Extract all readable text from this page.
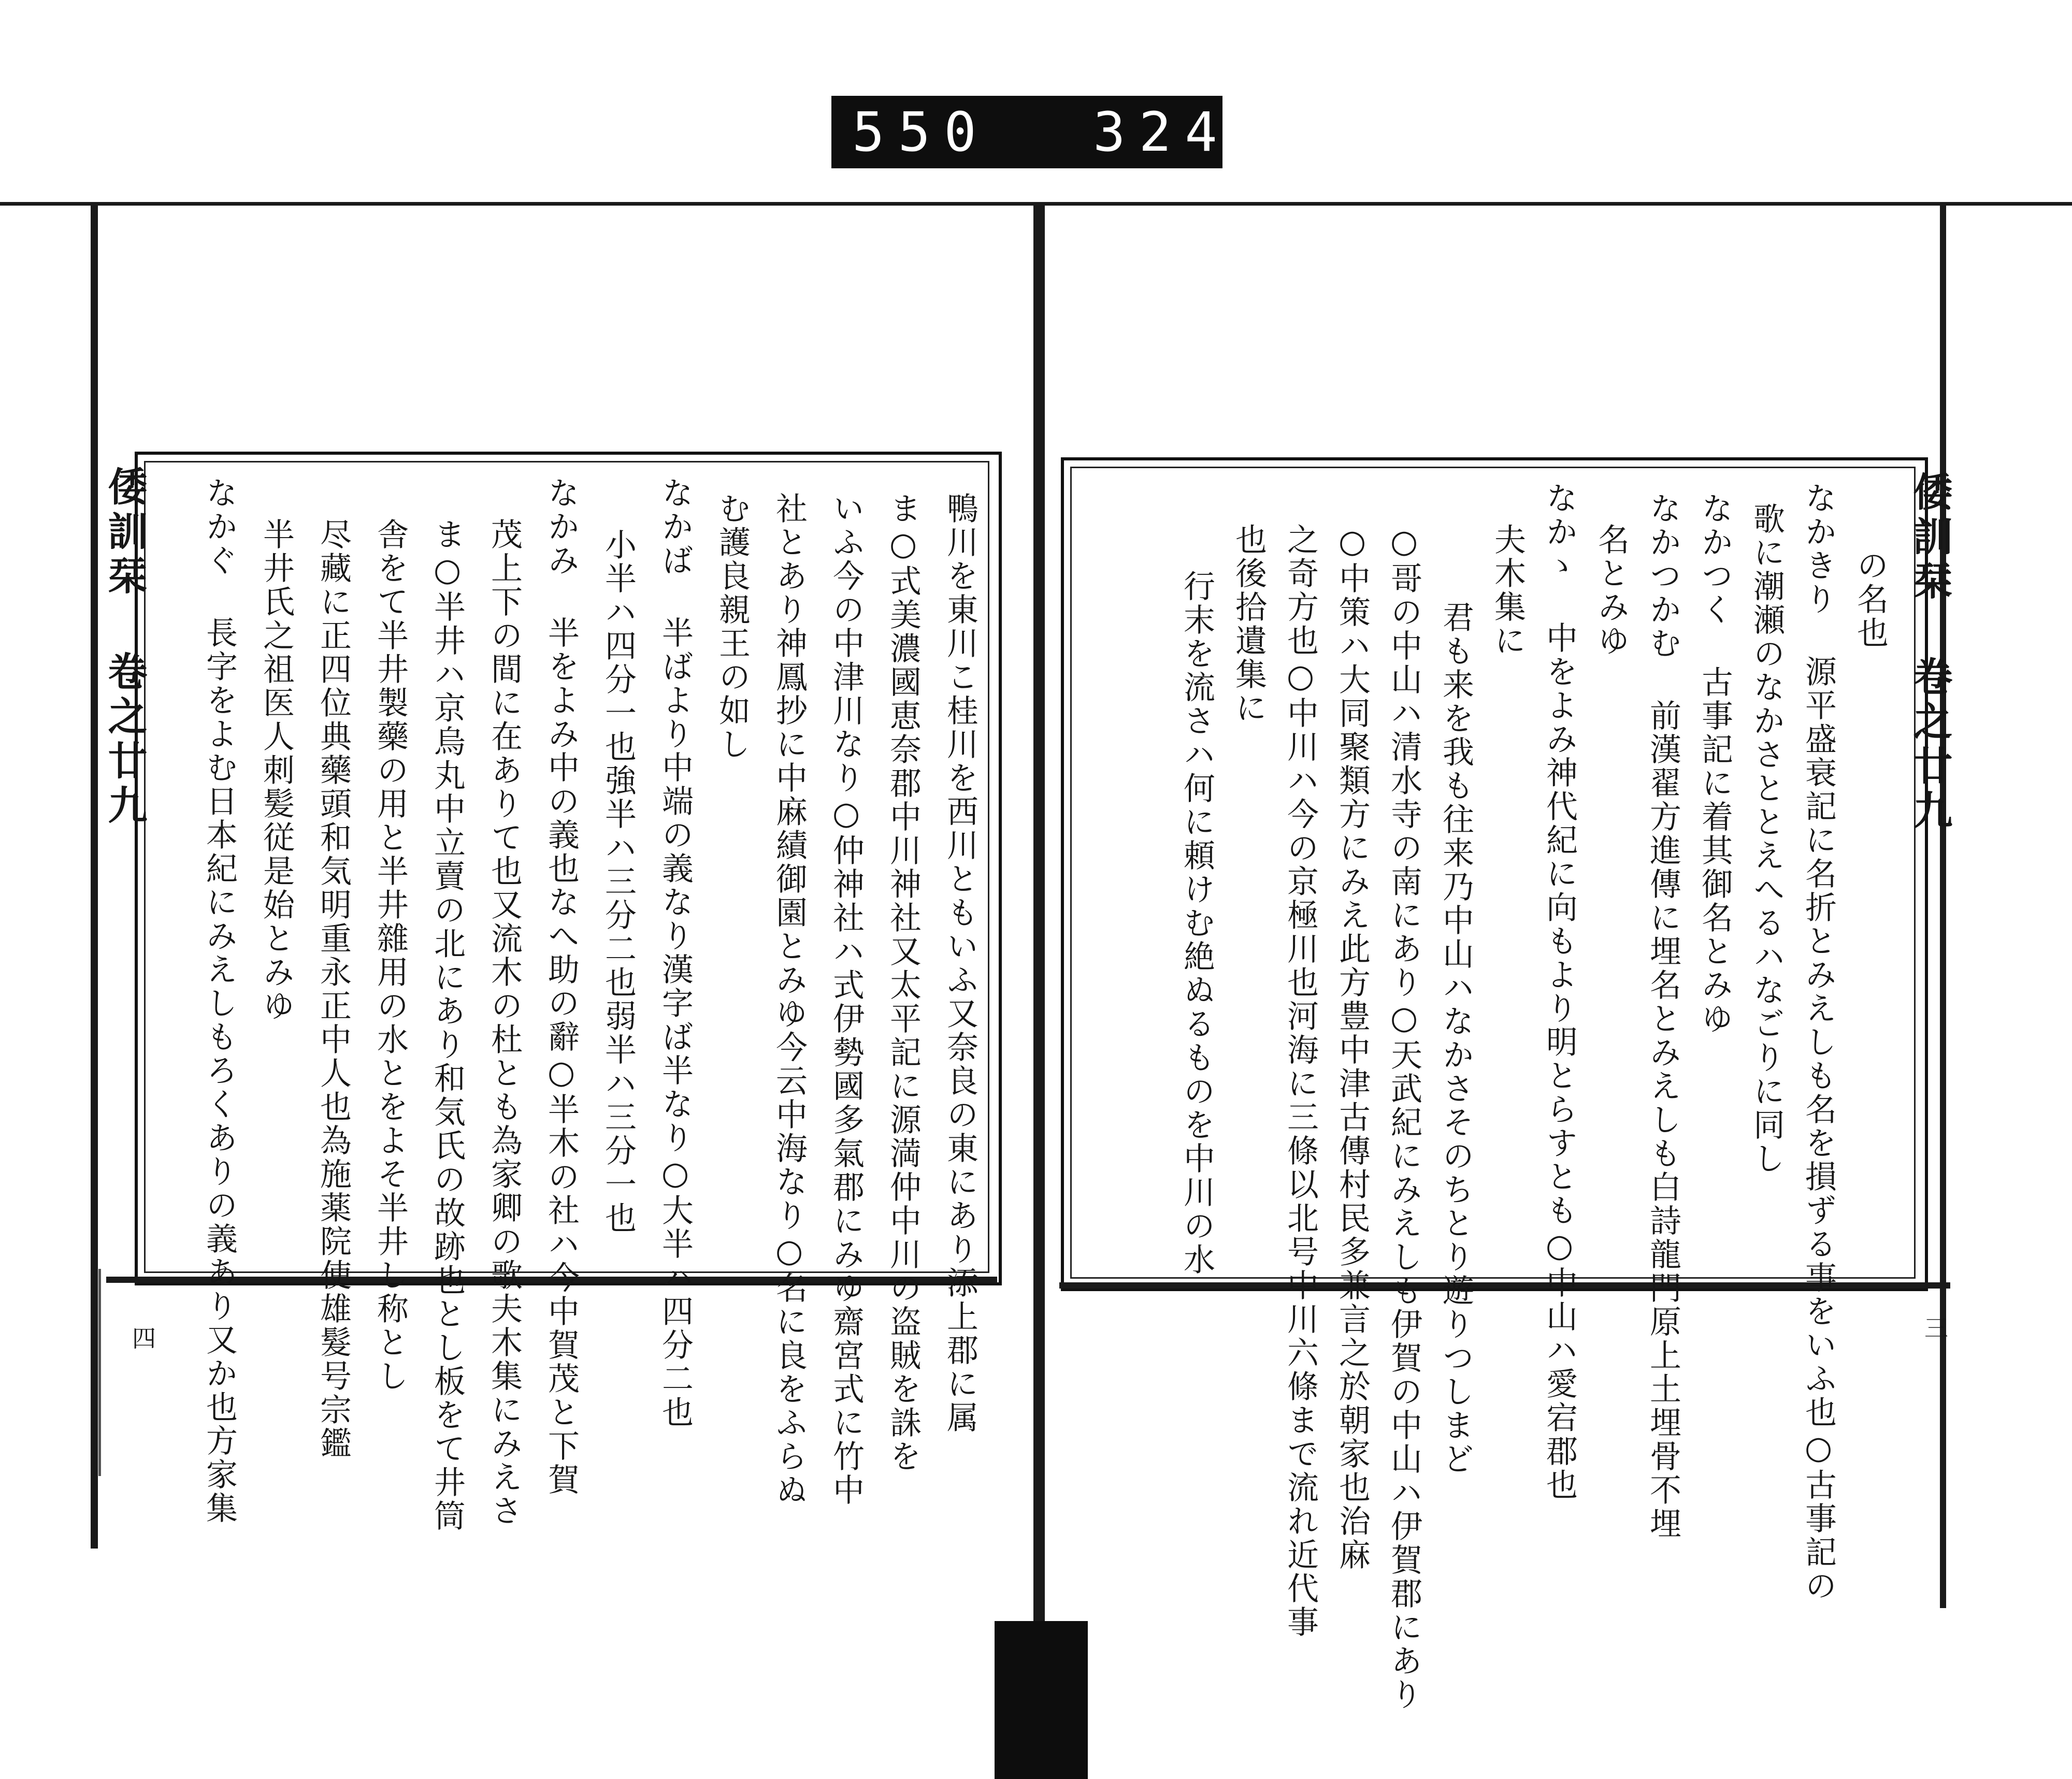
550 324.
倭訓栞 卷之廿九
四	鴨川を東川こ桂川を西川ともいふ又奈良の東にあり添上郡に属
ま○式美濃國恵奈郡中川神社又太平記に源満仲中川の盗賊を誅を
いふ今の中津川なり○仲神社ハ式伊勢國多氣郡にみゆ齋宮式に竹中
社とあり神鳳抄に中麻績御園とみゆ今云中海なり○名に良をふらぬ
む護良親王の如し
なかば 半ばより中端の義なり漢字ば半なり○大半ハ四分二也
小半ハ四分一也強半ハ三分二也弱半ハ三分一也
なかみ 半をよみ中の義也なへ助の辭○半木の社ハ今中賀茂と下賀
茂上下の間に在ありて也又流木の杜とも為家卿の歌夫木集にみえさ
ま○半井ハ京烏丸中立賣の北にあり和気氏の故跡也とし板をて井筒
舎をて半井製藥の用と半井雜用の水とをよそ半井し称とし
尽藏に正四位典藥頭和気明重永正中人也為施薬院使雄髮号宗鑑
半井氏之祖医人刺髪従是始とみゆ
なかぐ 長字をよむ日本紀にみえしもろくありの義あり又か也方家集	倭訓栞 卷之廿九
三
の名也
なかきり 源平盛衰記に名折とみえしも名を損ずる事をいふ也○古事記の
歌に潮瀬のなかさととえへるハなごりに同し
なかつく 古事記に着其御名とみゆ
なかつかむ 前漢翟方進傳に埋名とみえしも白詩龍門原上土埋骨不埋
名とみゆ
なかゝ 中をよみ神代紀に向もより明とらすとも○中山ハ愛宕郡也
夫木集に
君も来を我も往来乃中山ハなかさそのちとり遊りつしまど
○哥の中山ハ清水寺の南にあり○天武紀にみえしも伊賀の中山ハ伊賀郡にあり
○中策ハ大同聚類方にみえ此方豊中津古傳村民多兼言之於朝家也治麻
之奇方也○中川ハ今の京極川也河海に三條以北号中川六條まで流れ近代事
也後拾遺集に
行末を流さハ何に頼けむ絶ぬるものを中川の水
